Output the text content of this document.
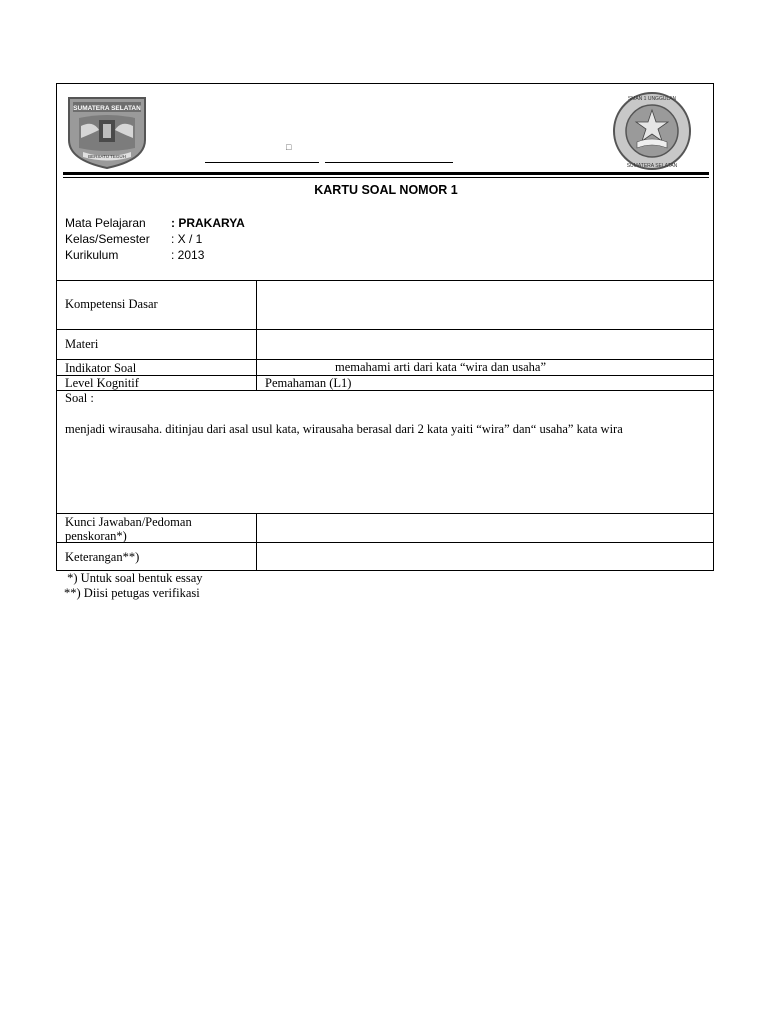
SUMATERA SELATAN
BERSATU TEGUH
□
SMAN 1 UNGGULAN
SUMATERA SELATAN
KARTU SOAL NOMOR 1
Mata Pelajaran : PRAKARYA
Kelas/Semester : X / 1
Kurikulum	: 2013
Kompetensi Dasar
Materi
Indikator Soal	memahami arti dari kata “wira dan usaha”
Level Kognitif	Pemahaman (L1)
Soal :
menjadi wirausaha. ditinjau dari asal usul kata, wirausaha berasal dari 2 kata yaiti “wira” dan“ usaha” kata wira
Kunci Jawaban/Pedoman penskoran*)
Keterangan**)
*) Untuk soal bentuk essay
**) Diisi petugas verifikasi
